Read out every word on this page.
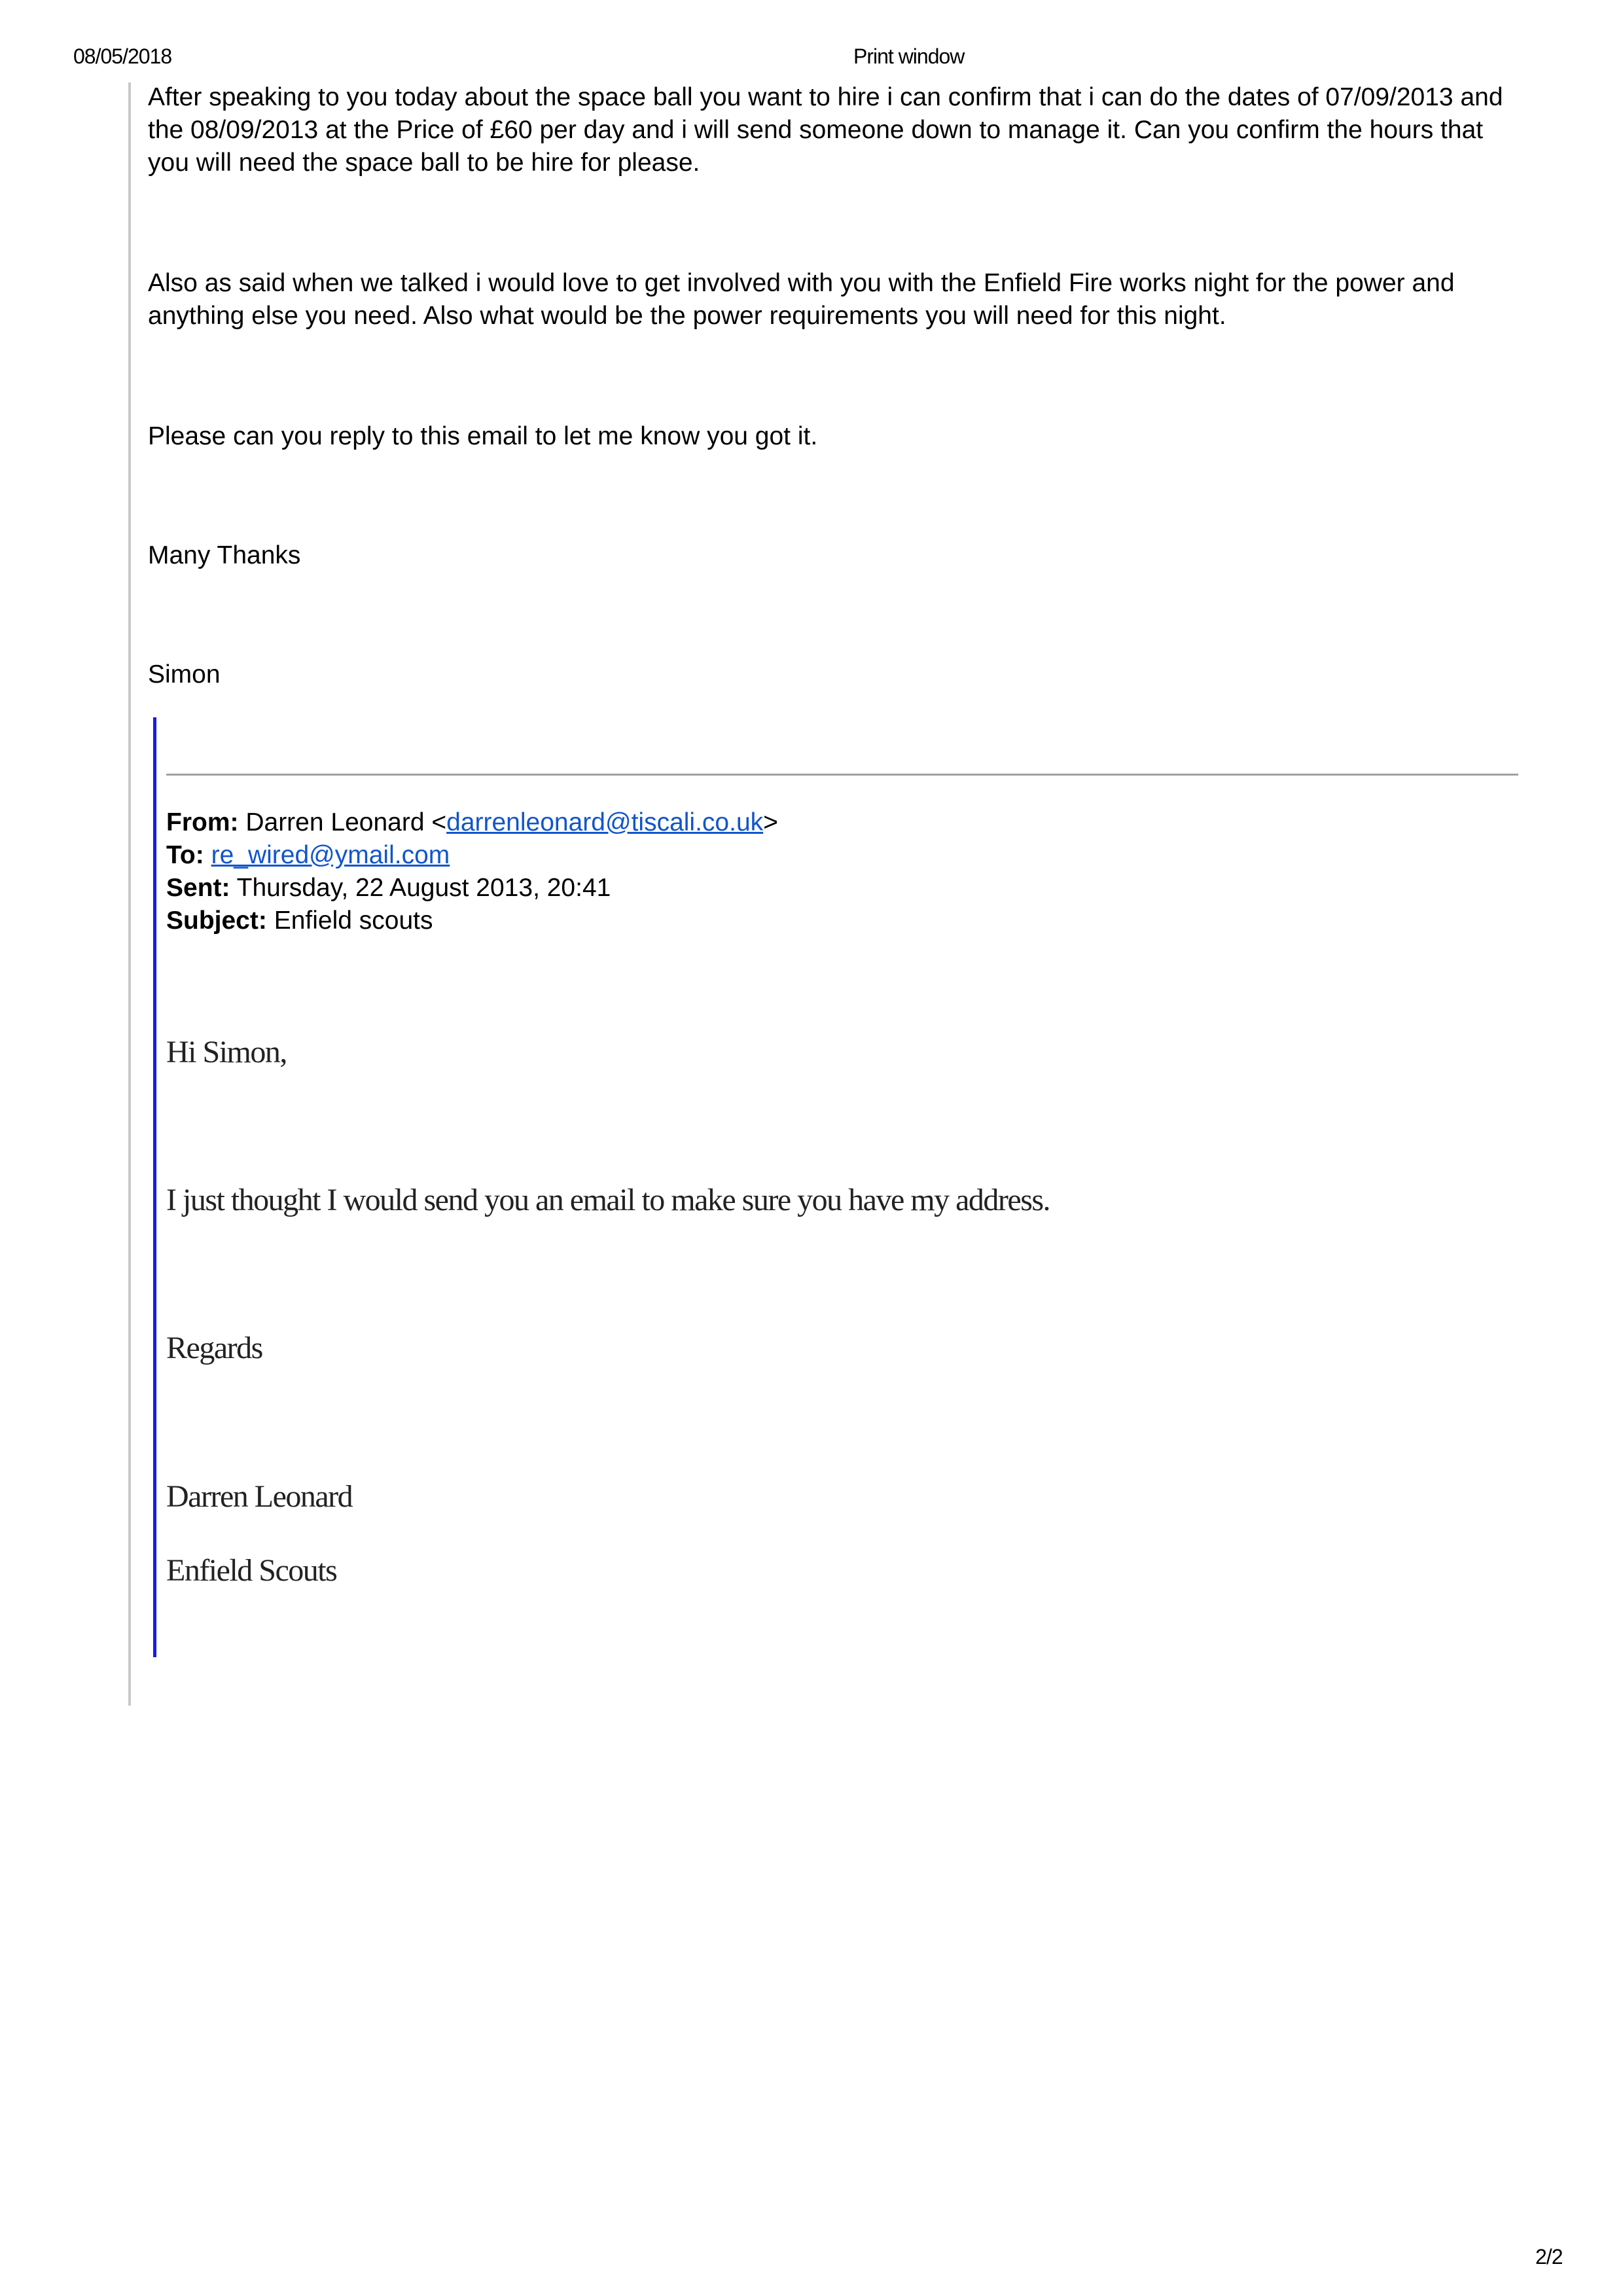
08/05/2018	Print window

After speaking to you today about the space ball you want to hire i can confirm that i can do the dates of 07/09/2013 and the 08/09/2013 at the Price of £60 per day and i will send someone down to manage it. Can you confirm the hours that you will need the space ball to be hire for please.

Also as said when we talked i would love to get involved with you with the Enfield Fire works night for the power and anything else you need. Also what would be the power requirements you will need for this night.

Please can you reply to this email to let me know you got it.

Many Thanks

Simon

From: Darren Leonard <darrenleonard@tiscali.co.uk>
To: re_wired@ymail.com
Sent: Thursday, 22 August 2013, 20:41
Subject: Enfield scouts
Hi Simon,
I just thought I would send you an email to make sure you have my address.
Regards
Darren Leonard
Enfield Scouts
2/2
